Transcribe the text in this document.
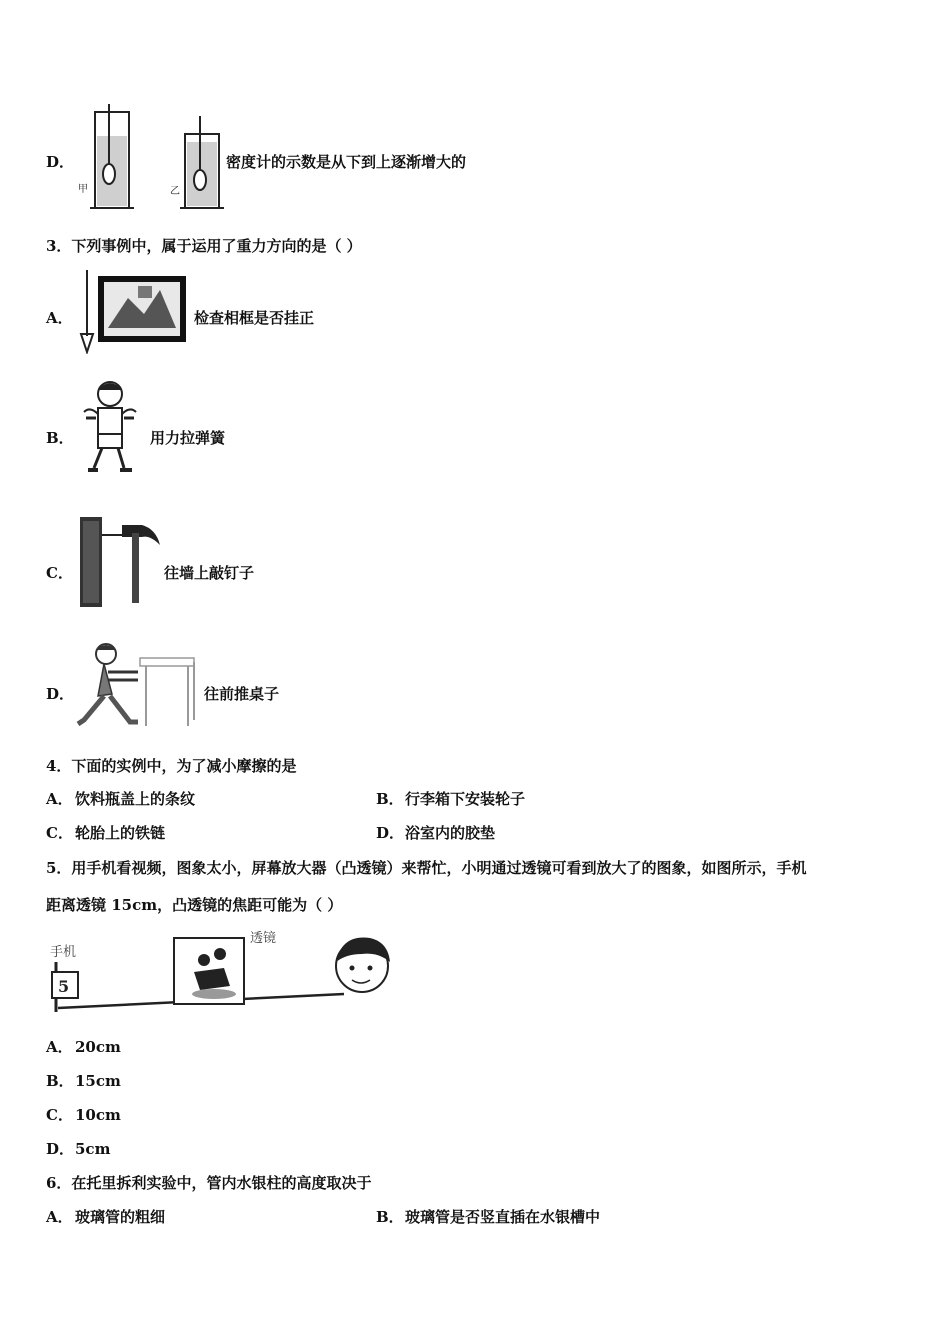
D．
甲	乙
密度计的示数是从下到上逐渐增大的
3．下列事例中，属于运用了重力方向的是（ ）
A．	检查相框是否挂正
B．	用力拉弹簧
C．	往墙上敲钉子
D．	往前推桌子
4．下面的实例中，为了减小摩擦的是
A． 饮料瓶盖上的条纹	B． 行李箱下安装轮子
C． 轮胎上的铁链	D． 浴室内的胶垫
5．用手机看视频，图象太小，屏幕放大器（凸透镜）来帮忙，小明通过透镜可看到放大了的图象，如图所示，手机
距离透镜 15cm，凸透镜的焦距可能为（ ）
手机
5
透镜
A． 20cm
B． 15cm
C． 10cm
D． 5cm
6．在托里拆利实验中，管内水银柱的高度取决于
A． 玻璃管的粗细	B． 玻璃管是否竖直插在水银槽中
